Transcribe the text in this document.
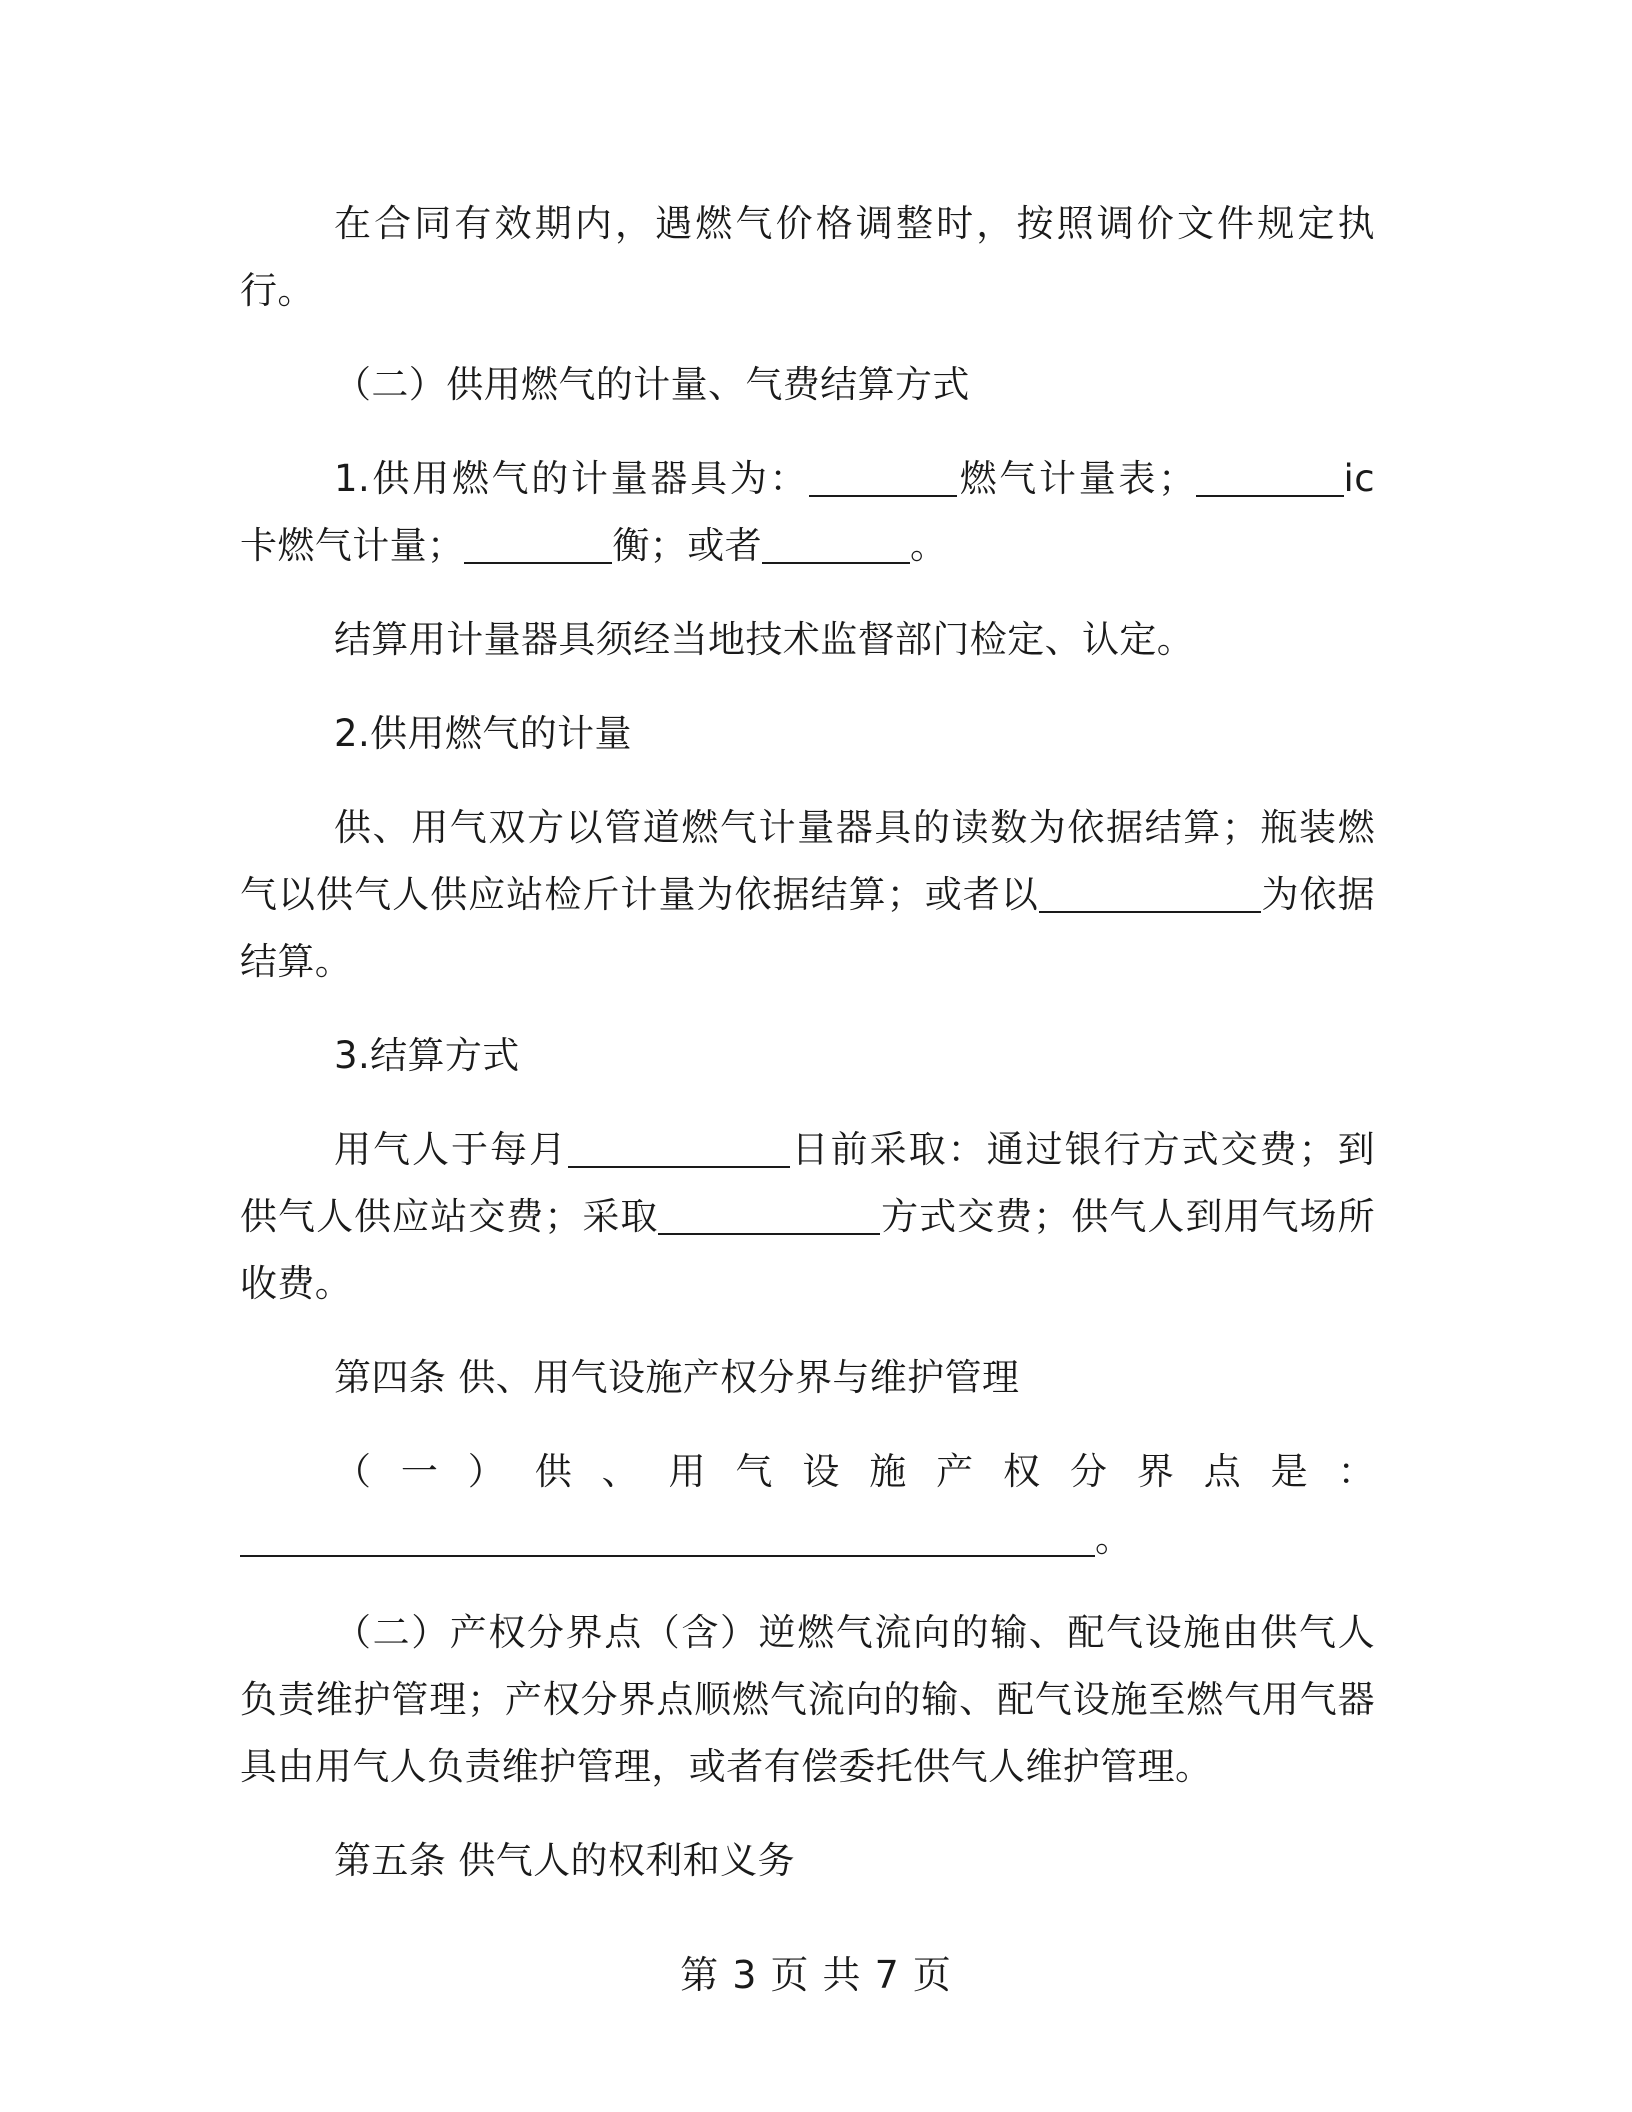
在合同有效期内，遇燃气价格调整时，按照调价文件规定执行。

（二）供用燃气的计量、气费结算方式

1.供用燃气的计量器具为：	燃气计量表；	ic 卡燃气计量；	衡；或者	。

结算用计量器具须经当地技术监督部门检定、认定。

2.供用燃气的计量

供、用气双方以管道燃气计量器具的读数为依据结算；瓶装燃气以供气人供应站检斤计量为依据结算；或者以	为依据结算。

3.结算方式

用气人于每月	日前采取：通过银行方式交费；到供气人供应站交费；采取	方式交费；供气人到用气场所收费。

第四条 供、用气设施产权分界与维护管理

（一）供、用气设施产权分界点是：。

（二）产权分界点（含）逆燃气流向的输、配气设施由供气人负责维护管理；产权分界点顺燃气流向的输、配气设施至燃气用气器具由用气人负责维护管理，或者有偿委托供气人维护管理。

第五条 供气人的权利和义务

第 3 页 共 7 页
